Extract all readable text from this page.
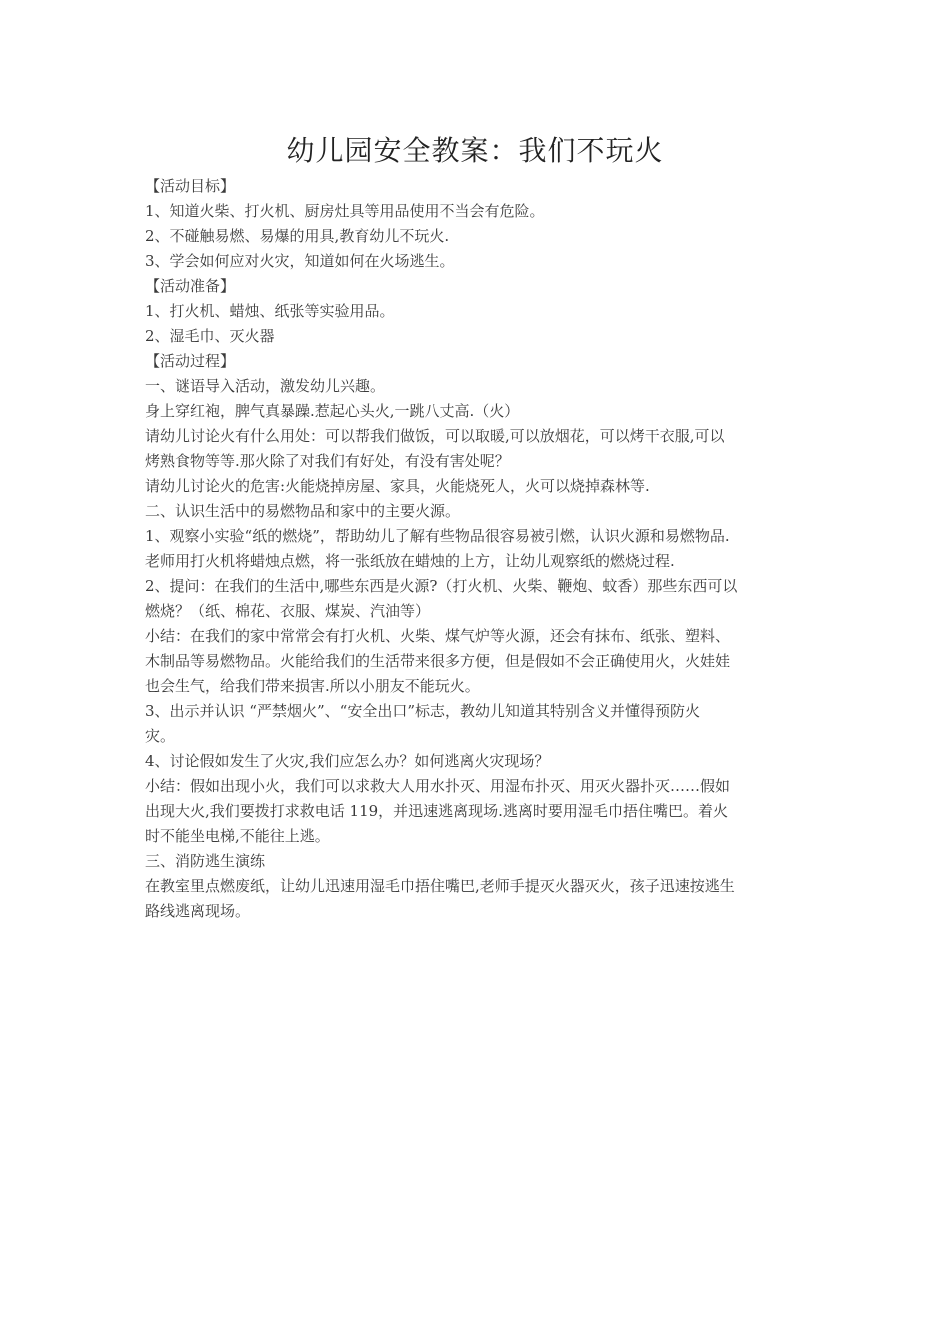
幼儿园安全教案：我们不玩火
【活动目标】
1、知道火柴、打火机、厨房灶具等用品使用不当会有危险。
2、不碰触易燃、易爆的用具,教育幼儿不玩火.
3、学会如何应对火灾，知道如何在火场逃生。
【活动准备】
1、打火机、蜡烛、纸张等实验用品。
2、湿毛巾、灭火器
【活动过程】
一、谜语导入活动，激发幼儿兴趣。
身上穿红袍，脾气真暴躁.惹起心头火,一跳八丈高.（火）
请幼儿讨论火有什么用处：可以帮我们做饭，可以取暖,可以放烟花，可以烤干衣服,可以
烤熟食物等等.那火除了对我们有好处，有没有害处呢？
请幼儿讨论火的危害:火能烧掉房屋、家具，火能烧死人，火可以烧掉森林等.
二、认识生活中的易燃物品和家中的主要火源。
1、观察小实验“纸的燃烧”，帮助幼儿了解有些物品很容易被引燃，认识火源和易燃物品.
老师用打火机将蜡烛点燃，将一张纸放在蜡烛的上方，让幼儿观察纸的燃烧过程.
2、提问：在我们的生活中,哪些东西是火源?（打火机、火柴、鞭炮、蚊香）那些东西可以
燃烧？（纸、棉花、衣服、煤炭、汽油等）
小结：在我们的家中常常会有打火机、火柴、煤气炉等火源，还会有抹布、纸张、塑料、
木制品等易燃物品。火能给我们的生活带来很多方便，但是假如不会正确使用火，火娃娃
也会生气，给我们带来损害.所以小朋友不能玩火。
3、出示并认识 “严禁烟火”、“安全出口”标志，教幼儿知道其特别含义并懂得预防火
灾。
4、讨论假如发生了火灾,我们应怎么办？如何逃离火灾现场？
小结：假如出现小火，我们可以求救大人用水扑灭、用湿布扑灭、用灭火器扑灭……假如
出现大火,我们要拨打求救电话 119，并迅速逃离现场.逃离时要用湿毛巾捂住嘴巴。着火
时不能坐电梯,不能往上逃。
三、消防逃生演练
在教室里点燃废纸，让幼儿迅速用湿毛巾捂住嘴巴,老师手提灭火器灭火，孩子迅速按逃生
路线逃离现场。
